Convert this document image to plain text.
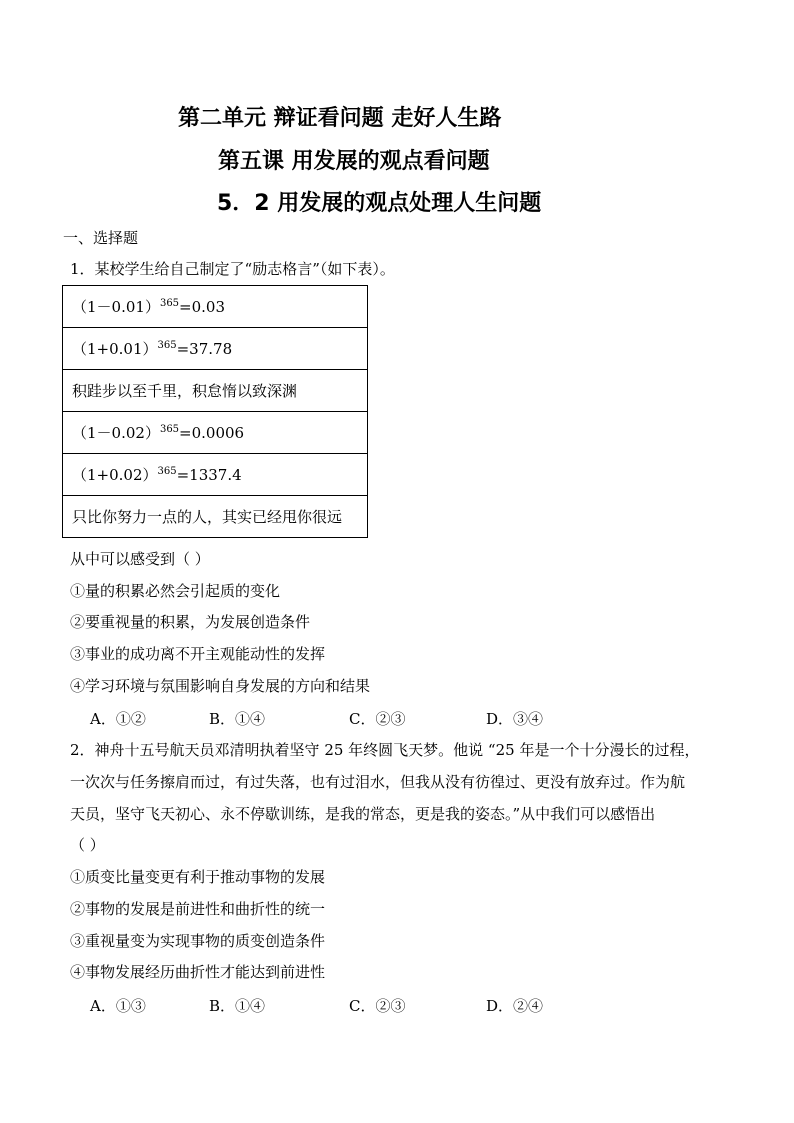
第二单元 辩证看问题 走好人生路
第五课 用发展的观点看问题
5．2 用发展的观点处理人生问题
一、选择题
1．某校学生给自己制定了“励志格言”（如下表）。
$(1-0.01)^{365}=0.03$
$(1+0.01)^{365}=37.78$
积跬步以至千里，积怠惰以致深渊
$(1-0.02)^{365}=0.0006$
$(1+0.02)^{365}=1337.4$
只比你努力一点的人，其实已经甩你很远
从中可以感受到（ ）
①量的积累必然会引起质的变化
②要重视量的积累，为发展创造条件
③事业的成功离不开主观能动性的发挥
④学习环境与氛围影响自身发展的方向和结果
A．①②	B．①④	C．②③	D．③④
2．神舟十五号航天员邓清明执着坚守 25 年终圆飞天梦。他说 “25 年是一个十分漫长的过程，
一次次与任务擦肩而过，有过失落，也有过泪水，但我从没有彷徨过、更没有放弃过。作为航
天员，坚守飞天初心、永不停歇训练，是我的常态，更是我的姿态。”从中我们可以感悟出
（ ）
①质变比量变更有利于推动事物的发展
②事物的发展是前进性和曲折性的统一
③重视量变为实现事物的质变创造条件
④事物发展经历曲折性才能达到前进性
A．①③	B．①④	C．②③	D．②④
